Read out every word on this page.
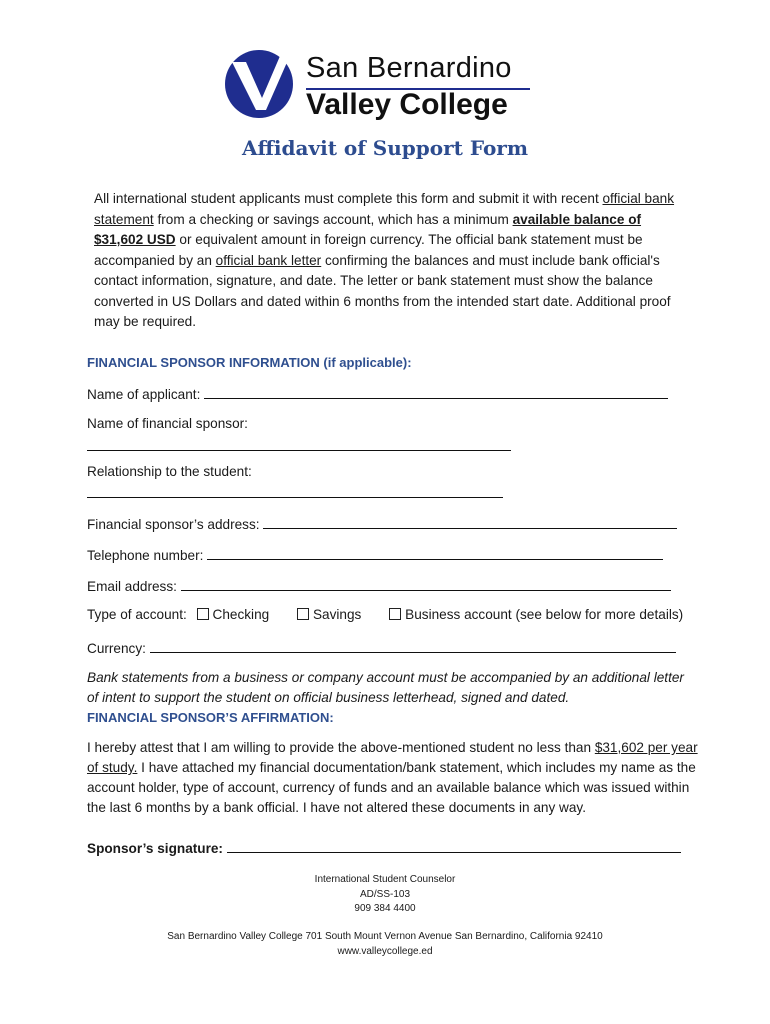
San Bernardino
Valley College
Affidavit of Support Form
All international student applicants must complete this form and submit it with recent official bank statement from a checking or savings account, which has a minimum available balance of $31,602 USD or equivalent amount in foreign currency. The official bank statement must be accompanied by an official bank letter confirming the balances and must include bank official's contact information, signature, and date. The letter or bank statement must show the balance converted in US Dollars and dated within 6 months from the intended start date. Additional proof may be required.
FINANCIAL SPONSOR INFORMATION (if applicable):
Name of applicant:
Name of financial sponsor:
Relationship to the student:
Financial sponsor’s address:
Telephone number:
Email address:
Type of account: Checking	Savings	Business account (see below for more details)
Currency:
Bank statements from a business or company account must be accompanied by an additional letter of intent to support the student on official business letterhead, signed and dated.
FINANCIAL SPONSOR’S AFFIRMATION:
I hereby attest that I am willing to provide the above-mentioned student no less than $31,602 per year of study. I have attached my financial documentation/bank statement, which includes my name as the account holder, type of account, currency of funds and an available balance which was issued within the last 6 months by a bank official. I have not altered these documents in any way.
Sponsor’s signature:
International Student Counselor
AD/SS-103
909 384 4400
San Bernardino Valley College 701 South Mount Vernon Avenue San Bernardino, California 92410
www.valleycollege.ed
